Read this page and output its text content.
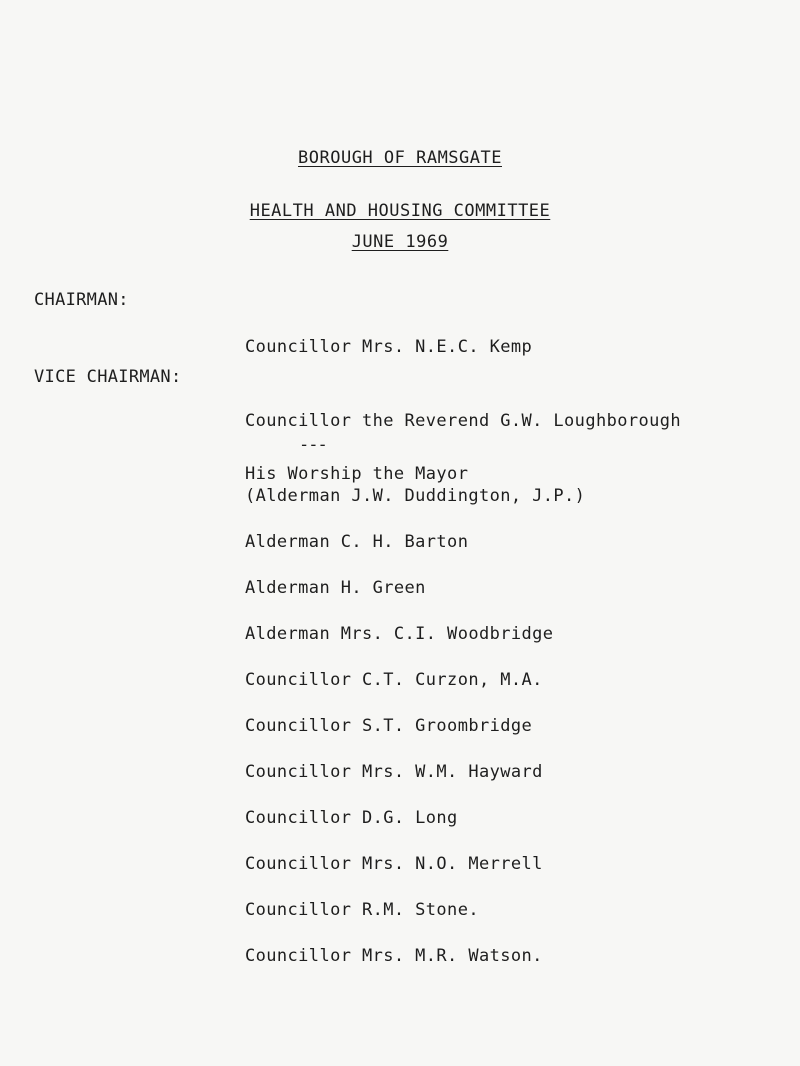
BOROUGH OF RAMSGATE
HEALTH AND HOUSING COMMITTEE
JUNE 1969
CHAIRMAN:
Councillor Mrs. N.E.C. Kemp
VICE CHAIRMAN:
Councillor the Reverend G.W. Loughborough
---
His Worship the Mayor
(Alderman J.W. Duddington, J.P.)
Alderman C. H. Barton
Alderman H. Green
Alderman Mrs. C.I. Woodbridge
Councillor C.T. Curzon, M.A.
Councillor S.T. Groombridge
Councillor Mrs. W.M. Hayward
Councillor D.G. Long
Councillor Mrs. N.O. Merrell
Councillor R.M. Stone.
Councillor Mrs. M.R. Watson.
